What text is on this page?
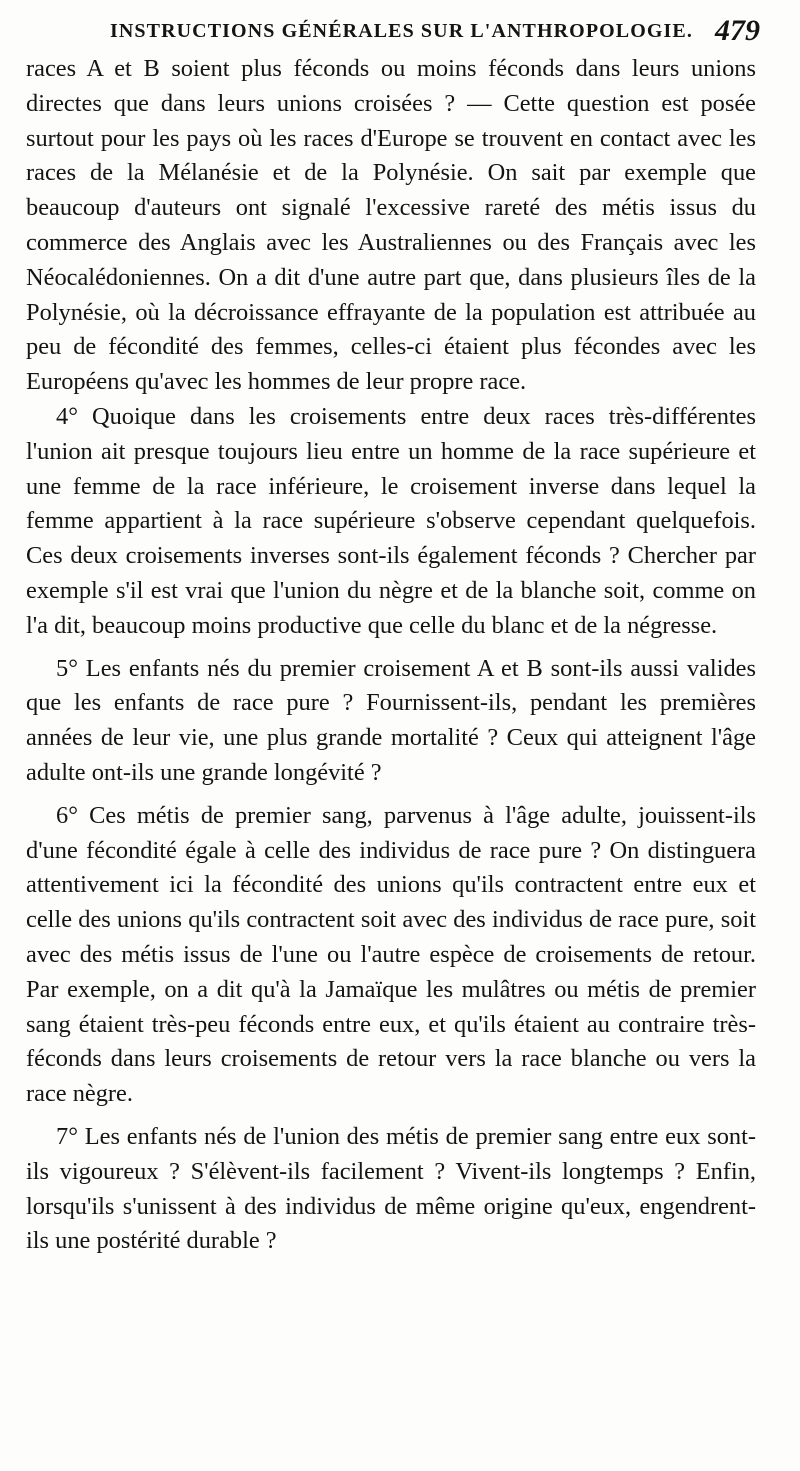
INSTRUCTIONS GÉNÉRALES SUR L'ANTHROPOLOGIE. 479

races A et B soient plus féconds ou moins féconds dans leurs unions directes que dans leurs unions croisées ? — Cette question est posée surtout pour les pays où les races d'Europe se trouvent en contact avec les races de la Mélanésie et de la Polynésie. On sait par exemple que beaucoup d'auteurs ont signalé l'excessive rareté des métis issus du commerce des Anglais avec les Australiennes ou des Français avec les Néocalédoniennes. On a dit d'une autre part que, dans plusieurs îles de la Polynésie, où la décroissance effrayante de la population est attribuée au peu de fécondité des femmes, celles-ci étaient plus fécondes avec les Européens qu'avec les hommes de leur propre race.

4° Quoique dans les croisements entre deux races très-différentes l'union ait presque toujours lieu entre un homme de la race supérieure et une femme de la race inférieure, le croisement inverse dans lequel la femme appartient à la race supérieure s'observe cependant quelquefois. Ces deux croisements inverses sont-ils également féconds ? Chercher par exemple s'il est vrai que l'union du nègre et de la blanche soit, comme on l'a dit, beaucoup moins productive que celle du blanc et de la négresse.

5° Les enfants nés du premier croisement A et B sont-ils aussi valides que les enfants de race pure ? Fournissent-ils, pendant les premières années de leur vie, une plus grande mortalité ? Ceux qui atteignent l'âge adulte ont-ils une grande longévité ?

6° Ces métis de premier sang, parvenus à l'âge adulte, jouissent-ils d'une fécondité égale à celle des individus de race pure ? On distinguera attentivement ici la fécondité des unions qu'ils contractent entre eux et celle des unions qu'ils contractent soit avec des individus de race pure, soit avec des métis issus de l'une ou l'autre espèce de croisements de retour. Par exemple, on a dit qu'à la Jamaïque les mulâtres ou métis de premier sang étaient très-peu féconds entre eux, et qu'ils étaient au contraire très-féconds dans leurs croisements de retour vers la race blanche ou vers la race nègre.

7° Les enfants nés de l'union des métis de premier sang entre eux sont-ils vigoureux ? S'élèvent-ils facilement ? Vivent-ils longtemps ? Enfin, lorsqu'ils s'unissent à des individus de même origine qu'eux, engendrent-ils une postérité durable ?
